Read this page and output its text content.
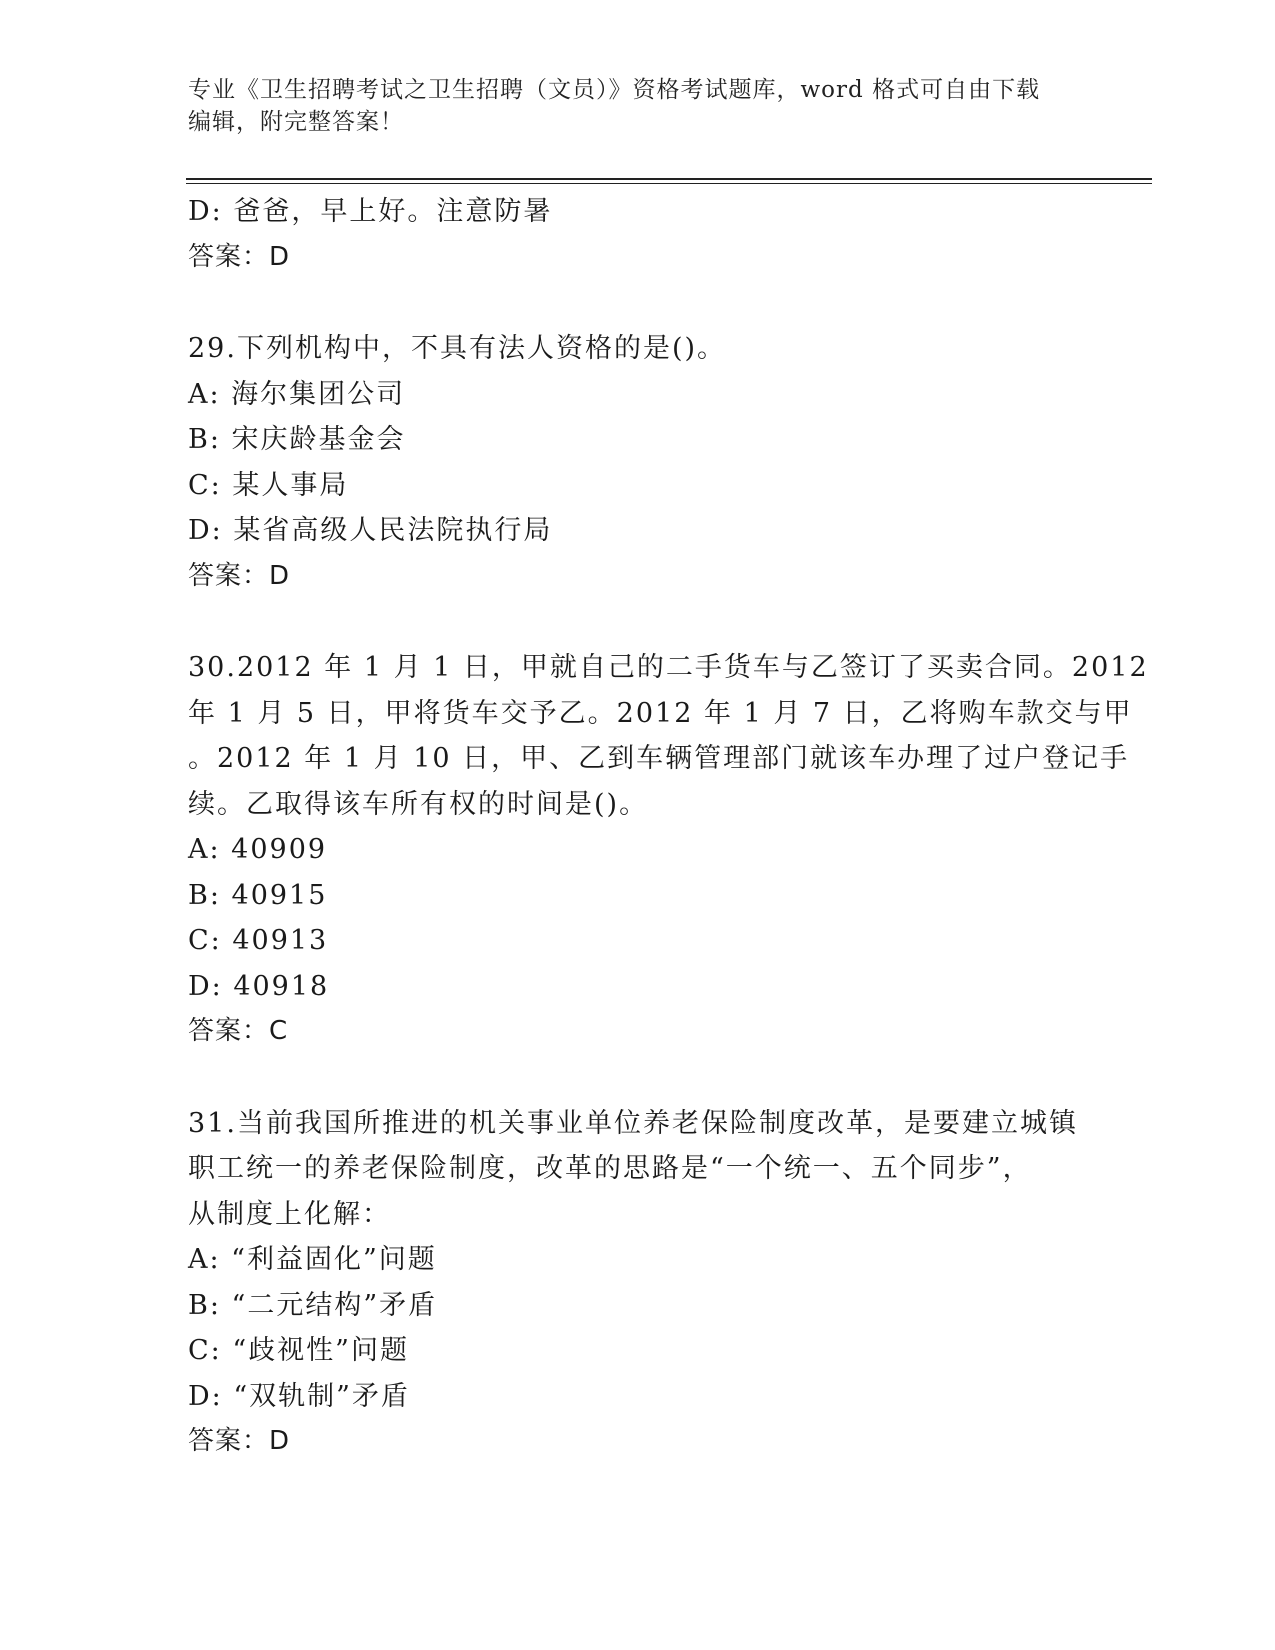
专业《卫生招聘考试之卫生招聘（文员）》资格考试题库，word 格式可自由下载
编辑，附完整答案！
D: 爸爸，早上好。注意防暑
答案：D
29.下列机构中，不具有法人资格的是()。
A: 海尔集团公司
B: 宋庆龄基金会
C: 某人事局
D: 某省高级人民法院执行局
答案：D
30.2012 年 1 月 1 日，甲就自己的二手货车与乙签订了买卖合同。2012
年 1 月 5 日，甲将货车交予乙。2012 年 1 月 7 日，乙将购车款交与甲
。2012 年 1 月 10 日，甲、乙到车辆管理部门就该车办理了过户登记手
续。乙取得该车所有权的时间是()。
A: 40909
B: 40915
C: 40913
D: 40918
答案：C
31.当前我国所推进的机关事业单位养老保险制度改革，是要建立城镇
职工统一的养老保险制度，改革的思路是“一个统一、五个同步”，
从制度上化解：
A: “利益固化”问题
B: “二元结构”矛盾
C: “歧视性”问题
D: “双轨制”矛盾
答案：D
